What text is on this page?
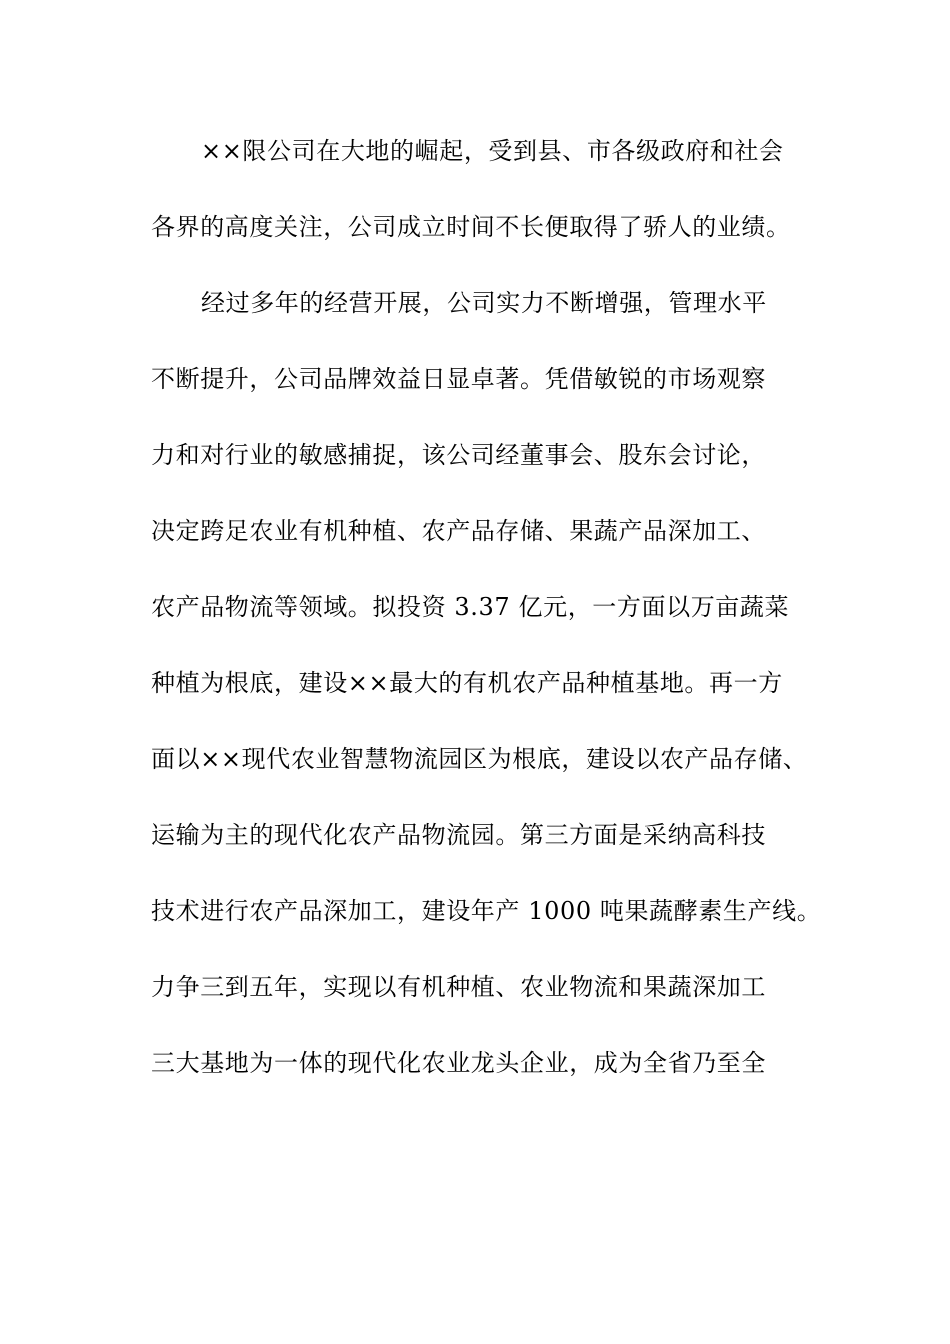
××限公司在大地的崛起，受到县、市各级政府和社会
各界的高度关注，公司成立时间不长便取得了骄人的业绩。
经过多年的经营开展，公司实力不断增强，管理水平
不断提升，公司品牌效益日显卓著。凭借敏锐的市场观察
力和对行业的敏感捕捉，该公司经董事会、股东会讨论，
决定跨足农业有机种植、农产品存储、果蔬产品深加工、
农产品物流等领域。拟投资 3.37 亿元，一方面以万亩蔬菜
种植为根底，建设××最大的有机农产品种植基地。再一方
面以××现代农业智慧物流园区为根底，建设以农产品存储、
运输为主的现代化农产品物流园。第三方面是采纳高科技
技术进行农产品深加工，建设年产 1000 吨果蔬酵素生产线。
力争三到五年，实现以有机种植、农业物流和果蔬深加工
三大基地为一体的现代化农业龙头企业，成为全省乃至全
